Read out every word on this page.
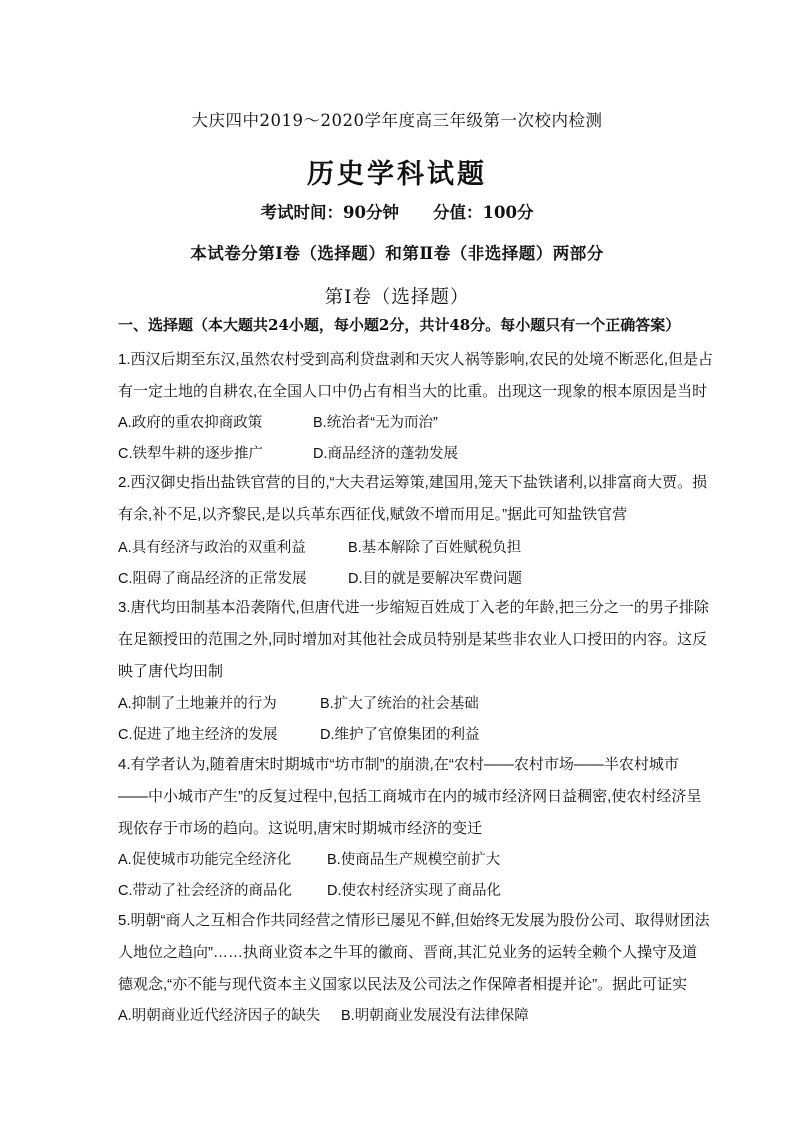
大庆四中2019～2020学年度高三年级第一次校内检测
历史学科试题
考试时间：90分钟 分值：100分
本试卷分第Ⅰ卷（选择题）和第Ⅱ卷（非选择题）两部分
第Ⅰ卷（选择题）
一、选择题（本大题共24小题，每小题2分，共计48分。每小题只有一个正确答案）
1.西汉后期至东汉,虽然农村受到高利贷盘剥和天灾人祸等影响,农民的处境不断恶化,但是占
有一定土地的自耕农,在全国人口中仍占有相当大的比重。出现这一现象的根本原因是当时
A.政府的重农抑商政策	B.统治者“无为而治”
C.铁犁牛耕的逐步推广	D.商品经济的蓬勃发展
2.西汉御史指出盐铁官营的目的,“大夫君运筹策,建国用,笼天下盐铁诸利,以排富商大贾。损
有余,补不足,以齐黎民,是以兵革东西征伐,赋敛不增而用足。”据此可知盐铁官营
A.具有经济与政治的双重利益	B.基本解除了百姓赋税负担
C.阻碍了商品经济的正常发展	D.目的就是要解决军费问题
3.唐代均田制基本沿袭隋代,但唐代进一步缩短百姓成丁入老的年龄,把三分之一的男子排除
在足额授田的范围之外,同时增加对其他社会成员特别是某些非农业人口授田的内容。这反
映了唐代均田制
A.抑制了土地兼并的行为	B.扩大了统治的社会基础
C.促进了地主经济的发展	D.维护了官僚集团的利益
4.有学者认为,随着唐宋时期城市“坊市制”的崩溃,在“农村——农村市场——半农村城市
——中小城市产生”的反复过程中,包括工商城市在内的城市经济网日益稠密,使农村经济呈
现依存于市场的趋向。这说明,唐宋时期城市经济的变迁
A.促使城市功能完全经济化 B.使商品生产规模空前扩大
C.带动了社会经济的商品化 D.使农村经济实现了商品化
5.明朝“商人之互相合作共同经营之情形已屡见不鲜,但始终无发展为股份公司、取得财团法
人地位之趋向”……执商业资本之牛耳的徽商、晋商,其汇兑业务的运转全赖个人操守及道
德观念,“亦不能与现代资本主义国家以民法及公司法之作保障者相提并论”。据此可证实
A.明朝商业近代经济因子的缺失 B.明朝商业发展没有法律保障
